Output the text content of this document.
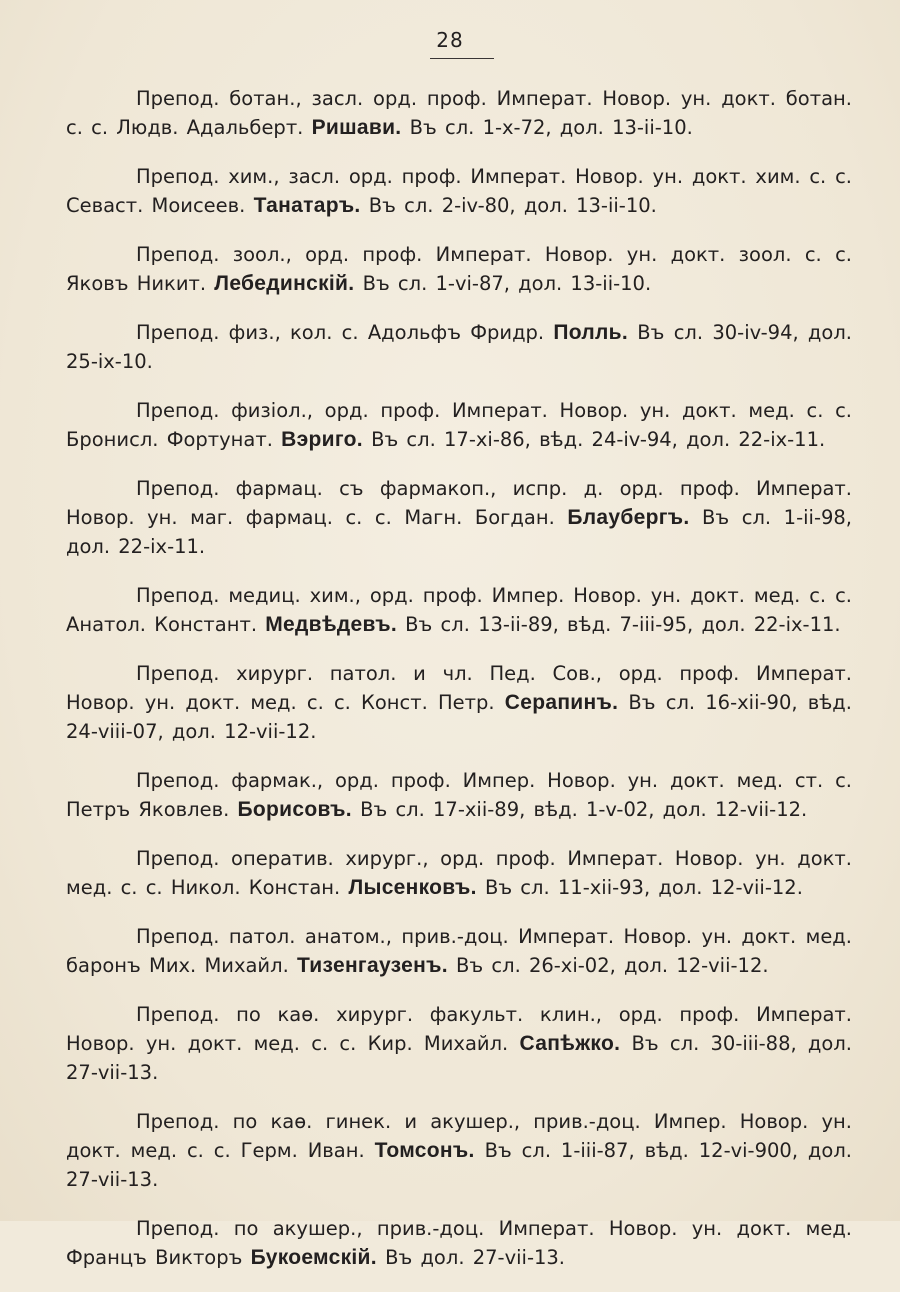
28

Препод. ботан., засл. орд. проф. Императ. Новор. ун. докт. ботан. с. с. Людв. Адальберт. Ришави. Въ сл. 1-х-72, дол. 13-ii-10.

Препод. хим., засл. орд. проф. Императ. Новор. ун. докт. хим. с. с. Севаст. Моисеев. Танатаръ. Въ сл. 2-iv-80, дол. 13-ii-10.

Препод. зоол., орд. проф. Императ. Новор. ун. докт. зоол. с. с. Яковъ Никит. Лебединскій. Въ сл. 1-vi-87, дол. 13-ii-10.

Препод. физ., кол. с. Адольфъ Фридр. Полль. Въ сл. 30-iv-94, дол. 25-ix-10.

Препод. физіол., орд. проф. Императ. Новор. ун. докт. мед. с. с. Бронисл. Фортунат. Вэриго. Въ сл. 17-xi-86, вѣд. 24-iv-94, дол. 22-ix-11.

Препод. фармац. съ фармакоп., испр. д. орд. проф. Императ. Новор. ун. маг. фармац. с. с. Магн. Богдан. Блаубергъ. Въ сл. 1-ii-98, дол. 22-ix-11.

Препод. медиц. хим., орд. проф. Импер. Новор. ун. докт. мед. с. с. Анатол. Констант. Медвѣдевъ. Въ сл. 13-ii-89, вѣд. 7-iii-95, дол. 22-ix-11.

Препод. хирург. патол. и чл. Пед. Сов., орд. проф. Императ. Новор. ун. докт. мед. с. с. Конст. Петр. Серапинъ. Въ сл. 16-xii-90, вѣд. 24-viii-07, дол. 12-vii-12.

Препод. фармак., орд. проф. Импер. Новор. ун. докт. мед. ст. с. Петръ Яковлев. Борисовъ. Въ сл. 17-xii-89, вѣд. 1-v-02, дол. 12-vii-12.

Препод. оператив. хирург., орд. проф. Императ. Новор. ун. докт. мед. с. с. Никол. Констан. Лысенковъ. Въ сл. 11-xii-93, дол. 12-vii-12.

Препод. патол. анатом., прив.-доц. Императ. Новор. ун. докт. мед. баронъ Мих. Михайл. Тизенгаузенъ. Въ сл. 26-xi-02, дол. 12-vii-12.

Препод. по каѳ. хирург. факульт. клин., орд. проф. Императ. Новор. ун. докт. мед. с. с. Кир. Михайл. Сапѣжко. Въ сл. 30-iii-88, дол. 27-vii-13.

Препод. по каѳ. гинек. и акушер., прив.-доц. Импер. Новор. ун. докт. мед. с. с. Герм. Иван. Томсонъ. Въ сл. 1-iii-87, вѣд. 12-vi-900, дол. 27-vii-13.

Препод. по акушер., прив.-доц. Императ. Новор. ун. докт. мед. Францъ Викторъ Букоемскій. Въ дол. 27-vii-13.
